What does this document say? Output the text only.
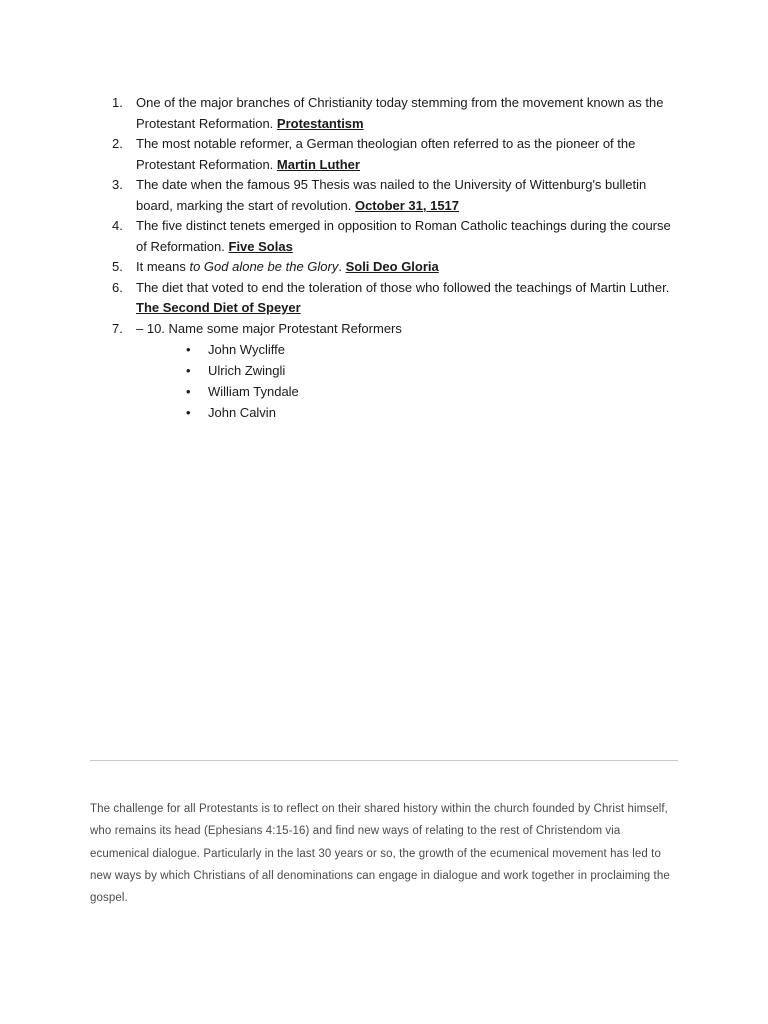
1. One of the major branches of Christianity today stemming from the movement known as the Protestant Reformation. Protestantism
2. The most notable reformer, a German theologian often referred to as the pioneer of the Protestant Reformation. Martin Luther
3. The date when the famous 95 Thesis was nailed to the University of Wittenburg's bulletin board, marking the start of revolution. October 31, 1517
4. The five distinct tenets emerged in opposition to Roman Catholic teachings during the course of Reformation. Five Solas
5. It means to God alone be the Glory. Soli Deo Gloria
6. The diet that voted to end the toleration of those who followed the teachings of Martin Luther. The Second Diet of Speyer
7. – 10. Name some major Protestant Reformers
• John Wycliffe
• Ulrich Zwingli
• William Tyndale
• John Calvin

The challenge for all Protestants is to reflect on their shared history within the church founded by Christ himself, who remains its head (Ephesians 4:15-16) and find new ways of relating to the rest of Christendom via ecumenical dialogue. Particularly in the last 30 years or so, the growth of the ecumenical movement has led to new ways by which Christians of all denominations can engage in dialogue and work together in proclaiming the gospel.
